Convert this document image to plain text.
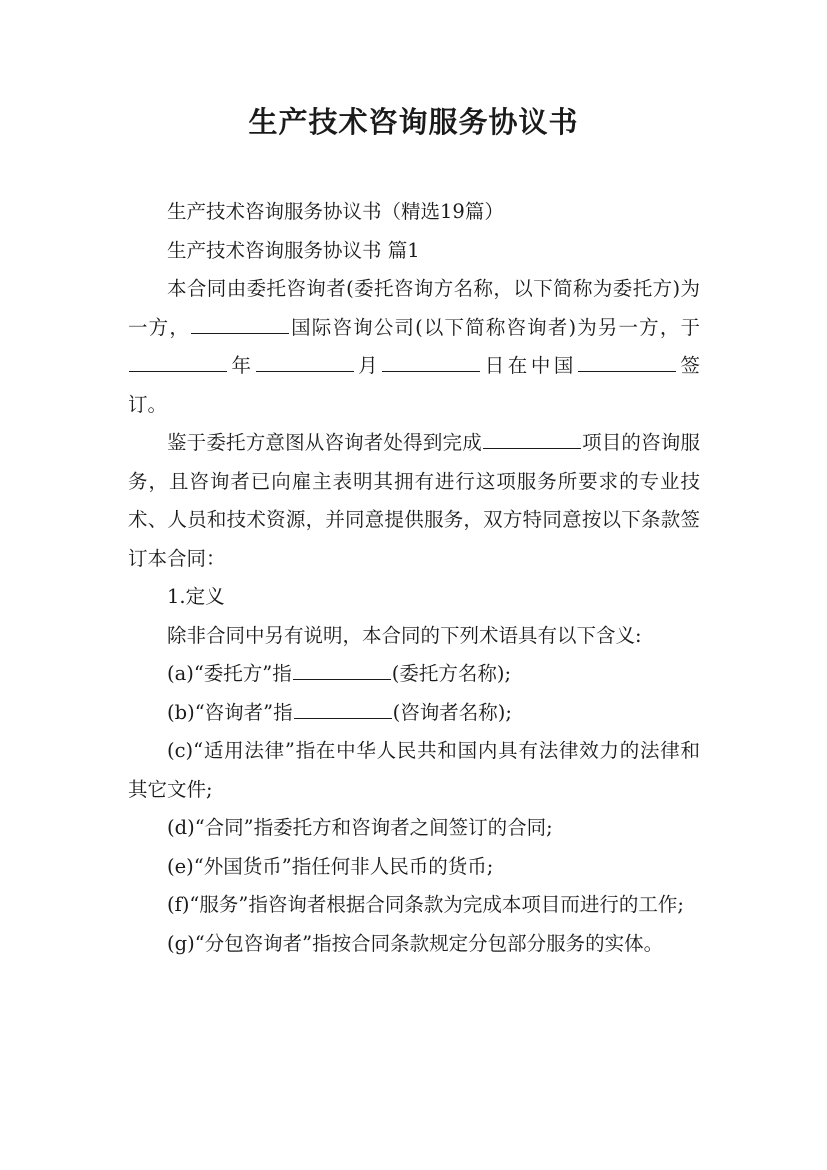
生产技术咨询服务协议书

生产技术咨询服务协议书（精选19篇）

生产技术咨询服务协议书 篇1

本合同由委托咨询者(委托咨询方名称，以下简称为委托方)为一方，	国际咨询公司(以下简称咨询者)为另一方，于年	月	日在中国	签订。

鉴于委托方意图从咨询者处得到完成	项目的咨询服务，且咨询者已向雇主表明其拥有进行这项服务所要求的专业技术、人员和技术资源，并同意提供服务，双方特同意按以下条款签订本合同：

1.定义

除非合同中另有说明，本合同的下列术语具有以下含义:

(a)“委托方”指	(委托方名称);

(b)“咨询者”指	(咨询者名称);

(c)“适用法律”指在中华人民共和国内具有法律效力的法律和其它文件;

(d)“合同”指委托方和咨询者之间签订的合同;

(e)“外国货币”指任何非人民币的货币;

(f)“服务”指咨询者根据合同条款为完成本项目而进行的工作;

(g)“分包咨询者”指按合同条款规定分包部分服务的实体。
